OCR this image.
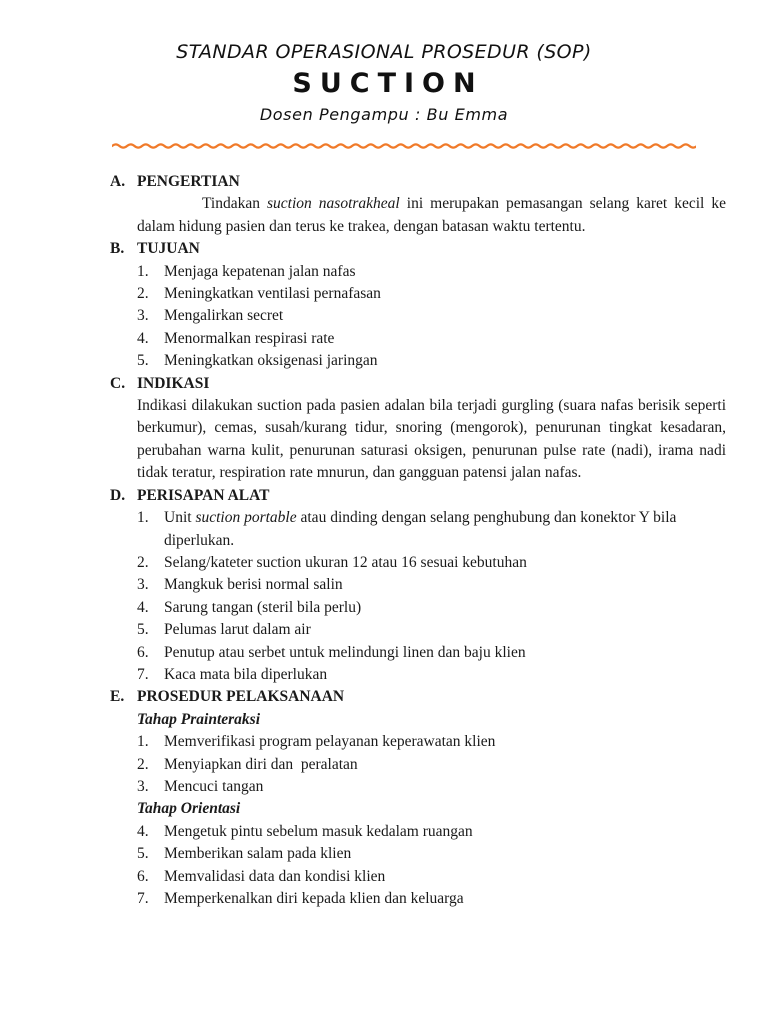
STANDAR OPERASIONAL PROSEDUR (SOP)
SUCTION
Dosen Pengampu : Bu Emma
A. PENGERTIAN
Tindakan suction nasotrakheal ini merupakan pemasangan selang karet kecil ke dalam hidung pasien dan terus ke trakea, dengan batasan waktu tertentu.
B. TUJUAN
1. Menjaga kepatenan jalan nafas
2. Meningkatkan ventilasi pernafasan
3. Mengalirkan secret
4. Menormalkan respirasi rate
5. Meningkatkan oksigenasi jaringan
C. INDIKASI
Indikasi dilakukan suction pada pasien adalan bila terjadi gurgling (suara nafas berisik seperti berkumur), cemas, susah/kurang tidur, snoring (mengorok), penurunan tingkat kesadaran, perubahan warna kulit, penurunan saturasi oksigen, penurunan pulse rate (nadi), irama nadi tidak teratur, respiration rate mnurun, dan gangguan patensi jalan nafas.
D. PERISAPAN ALAT
1. Unit suction portable atau dinding dengan selang penghubung dan konektor Y bila diperlukan.
2. Selang/kateter suction ukuran 12 atau 16 sesuai kebutuhan
3. Mangkuk berisi normal salin
4. Sarung tangan (steril bila perlu)
5. Pelumas larut dalam air
6. Penutup atau serbet untuk melindungi linen dan baju klien
7. Kaca mata bila diperlukan
E. PROSEDUR PELAKSANAAN
Tahap Prainteraksi
1. Memverifikasi program pelayanan keperawatan klien
2. Menyiapkan diri dan  peralatan
3. Mencuci tangan
Tahap Orientasi
4. Mengetuk pintu sebelum masuk kedalam ruangan
5. Memberikan salam pada klien
6. Memvalidasi data dan kondisi klien
7. Memperkenalkan diri kepada klien dan keluarga
